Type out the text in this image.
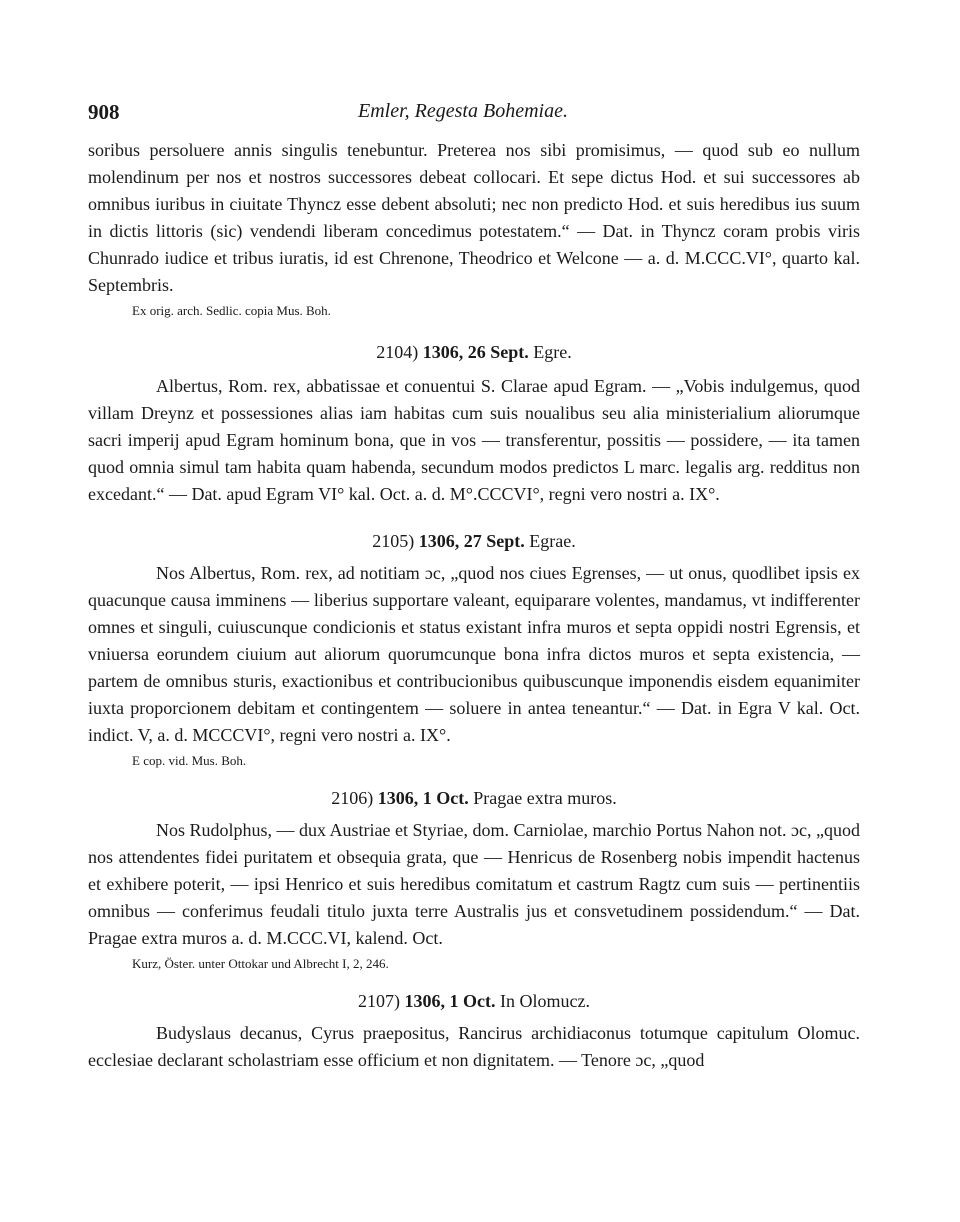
908	Emler, Regesta Bohemiae.

soribus persoluere annis singulis tenebuntur. Preterea nos sibi promisimus, — quod sub eo nullum molendinum per nos et nostros successores debeat collocari. Et sepe dictus Hod. et sui successores ab omnibus iuribus in ciuitate Thyncz esse debent absoluti; nec non predicto Hod. et suis heredibus ius suum in dictis littoris (sic) vendendi liberam concedimus potestatem.“ — Dat. in Thyncz coram probis viris Chunrado iudice et tribus iuratis, id est Chrenone, Theodrico et Welcone — a. d. M.CCC.VI°, quarto kal. Septembris.

Ex orig. arch. Sedlic. copia Mus. Boh.
2104) 1306, 26 Sept. Egre.

Albertus, Rom. rex, abbatissae et conuentui S. Clarae apud Egram. — „Vobis indulgemus, quod villam Dreynz et possessiones alias iam habitas cum suis noualibus seu alia ministerialium aliorumque sacri imperij apud Egram hominum bona, que in vos — transferentur, possitis — possidere, — ita tamen quod omnia simul tam habita quam habenda, secundum modos predictos L marc. legalis arg. redditus non excedant.“ — Dat. apud Egram VI° kal. Oct. a. d. M°.CCCVI°, regni vero nostri a. IX°.

2105) 1306, 27 Sept. Egrae.

Nos Albertus, Rom. rex, ad notitiam ɔc, „quod nos ciues Egrenses, — ut onus, quodlibet ipsis ex quacunque causa imminens — liberius supportare valeant, equiparare volentes, mandamus, vt indifferenter omnes et singuli, cuiuscunque condicionis et status existant infra muros et septa oppidi nostri Egrensis, et vniuersa eorundem ciuium aut aliorum quorumcunque bona infra dictos muros et septa existencia, — partem de omnibus sturis, exactionibus et contribucionibus quibuscunque imponendis eisdem equanimiter iuxta proporcionem debitam et contingentem — soluere in antea teneantur.“ — Dat. in Egra V kal. Oct. indict. V, a. d. MCCCVI°, regni vero nostri a. IX°.

E cop. vid. Mus. Boh.
2106) 1306, 1 Oct. Pragae extra muros.

Nos Rudolphus, — dux Austriae et Styriae, dom. Carniolae, marchio Portus Nahon not. ɔc, „quod nos attendentes fidei puritatem et obsequia grata, que — Henricus de Rosenberg nobis impendit hactenus et exhibere poterit, — ipsi Henrico et suis heredibus comitatum et castrum Ragtz cum suis — pertinentiis omnibus — conferimus feudali titulo juxta terre Australis jus et consvetudinem possidendum.“ — Dat. Pragae extra muros a. d. M.CCC.VI, kalend. Oct.

Kurz, Öster. unter Ottokar und Albrecht I, 2, 246.
2107) 1306, 1 Oct. In Olomucz.

Budyslaus decanus, Cyrus praepositus, Rancirus archidiaconus totumque capitulum Olomuc. ecclesiae declarant scholastriam esse officium et non dignitatem. — Tenore ɔc, „quod
